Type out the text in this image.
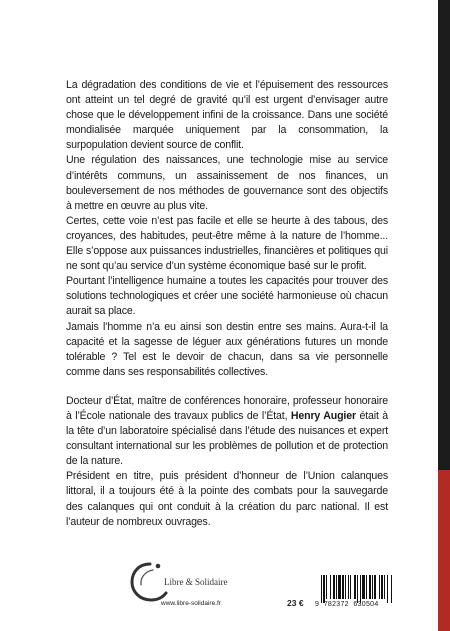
La dégradation des conditions de vie et l’épuisement des ressources ont atteint un tel degré de gravité qu’il est urgent d’envisager autre chose que le développement infini de la croissance. Dans une société mondialisée marquée uniquement par la consommation, la surpopulation devient source de conflit.

Une régulation des naissances, une technologie mise au service d’intérêts communs, un assainissement de nos finances, un bouleversement de nos méthodes de gouvernance sont des objectifs à mettre en œuvre au plus vite.

Certes, cette voie n’est pas facile et elle se heurte à des tabous, des croyances, des habitudes, peut-être même à la nature de l’homme... Elle s’oppose aux puissances industrielles, financières et politiques qui ne sont qu’au service d’un système économique basé sur le profit.

Pourtant l’intelligence humaine a toutes les capacités pour trouver des solutions technologiques et créer une société harmonieuse où chacun aurait sa place.

Jamais l’homme n’a eu ainsi son destin entre ses mains. Aura-t-il la capacité et la sagesse de léguer aux générations futures un monde tolérable ? Tel est le devoir de chacun, dans sa vie personnelle comme dans ses responsabilités collectives.

Docteur d’État, maître de conférences honoraire, professeur honoraire à l’École nationale des travaux publics de l’État, Henry Augier était à la tête d’un laboratoire spécialisé dans l’étude des nuisances et expert consultant international sur les problèmes de pollution et de protection de la nature.

Président en titre, puis président d’honneur de l’Union calanques littoral, il a toujours été à la pointe des combats pour la sauvegarde des calanques qui ont conduit à la création du parc national. Il est l’auteur de nombreux ouvrages.

Libre & Solidaire
www.libre-solidaire.fr	23 € 9 782372 630504
